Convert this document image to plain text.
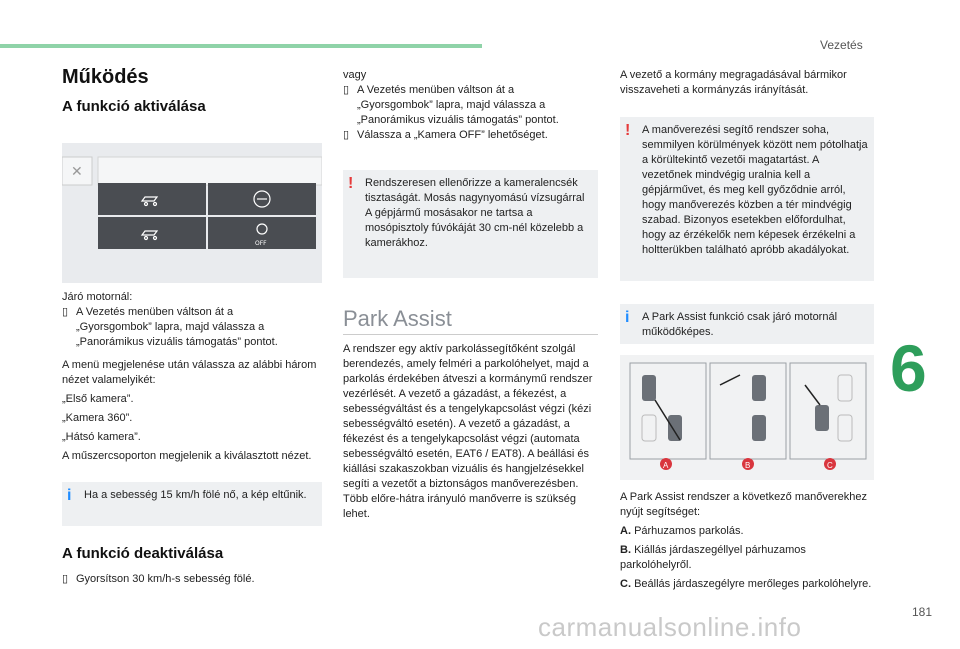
Vezetés
6
181
Működés
A funkció aktiválása
✕
OFF

Járó motornál:

▯ A Vezetés menüben váltson át a

„Gyorsgombok” lapra, majd válassza a

„Panorámikus vizuális támogatás” pontot.

A menü megjelenése után válassza az alábbi három nézet valamelyikét:

„Első kamera”.

„Kamera 360”.

„Hátsó kamera”.

A műszercsoporton megjelenik a kiválasztott nézet.

i Ha a sebesség 15 km/h fölé nő, a kép eltűnik.
A funkció deaktiválása

▯ Gyorsítson 30 km/h-s sebesség fölé.

vagy

▯ A Vezetés menüben váltson át a

„Gyorsgombok” lapra, majd válassza a

„Panorámikus vizuális támogatás” pontot.

▯ Válassza a „Kamera OFF” lehetőséget.

! Rendszeresen ellenőrizze a kameralencsék tisztaságát. Mosás nagynyomású vízsugárral A gépjármű mosásakor ne tartsa a mosópisztoly fúvókáját 30 cm-nél közelebb a kamerákhoz.
Park Assist

A rendszer egy aktív parkolássegítőként szolgál berendezés, amely felméri a parkolóhelyet, majd a parkolás érdekében átveszi a kormánymű rendszer vezérlését. A vezető a gázadást, a fékezést, a sebességváltást és a tengelykapcsolást végzi (kézi sebességváltó esetén). A vezető a gázadást, a fékezést és a tengelykapcsolást végzi (automata sebességváltó esetén, EAT6 / EAT8). A beállási és kiállási szakaszokban vizuális és hangjelzésekkel segíti a vezetőt a biztonságos manőverezésben. Több előre-hátra irányuló manőverre is szükség lehet.

A vezető a kormány megragadásával bármikor visszaveheti a kormányzás irányítását.

! A manőverezési segítő rendszer soha, semmilyen körülmények között nem pótolhatja a körültekintő vezetői magatartást. A vezetőnek mindvégig uralnia kell a gépjárművet, és meg kell győződnie arról, hogy manőverezés közben a tér mindvégig szabad. Bizonyos esetekben előfordulhat, hogy az érzékelők nem képesek érzékelni a holtterükben található apróbb akadályokat.
i A Park Assist funkció csak járó motornál működőképes.
A	B	C

A Park Assist rendszer a következő manőverekhez nyújt segítséget:

A. Párhuzamos parkolás.

B. Kiállás járdaszegéllyel párhuzamos parkolóhelyről.

C. Beállás járdaszegélyre merőleges parkolóhelyre.

carmanualsonline.info
